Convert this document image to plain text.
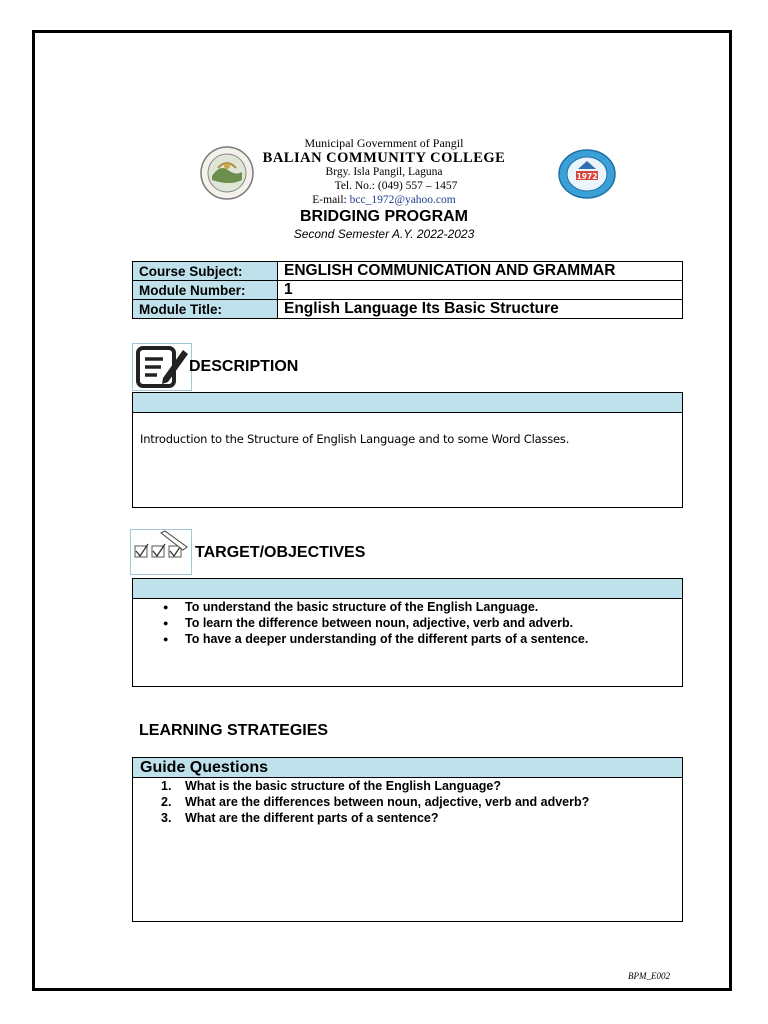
1972
Municipal Government of Pangil
BALIAN COMMUNITY COLLEGE
Brgy. Isla Pangil, Laguna
Tel. No.: (049) 557 – 1457
E-mail: bcc_1972@yahoo.com
BRIDGING PROGRAM
Second Semester A.Y. 2022-2023
Course Subject:	ENGLISH COMMUNICATION AND GRAMMAR
Module Number:	1
Module Title:	English Language Its Basic Structure
DESCRIPTION
Introduction to the Structure of English Language and to some Word Classes.
TARGET/OBJECTIVES
● To understand the basic structure of the English Language.
● To learn the difference between noun, adjective, verb and adverb.
● To have a deeper understanding of the different parts of a sentence.
LEARNING STRATEGIES
Guide Questions
1.	What is the basic structure of the English Language?
2.	What are the differences between noun, adjective, verb and adverb?
3.	What are the different parts of a sentence?
BPM_E002
